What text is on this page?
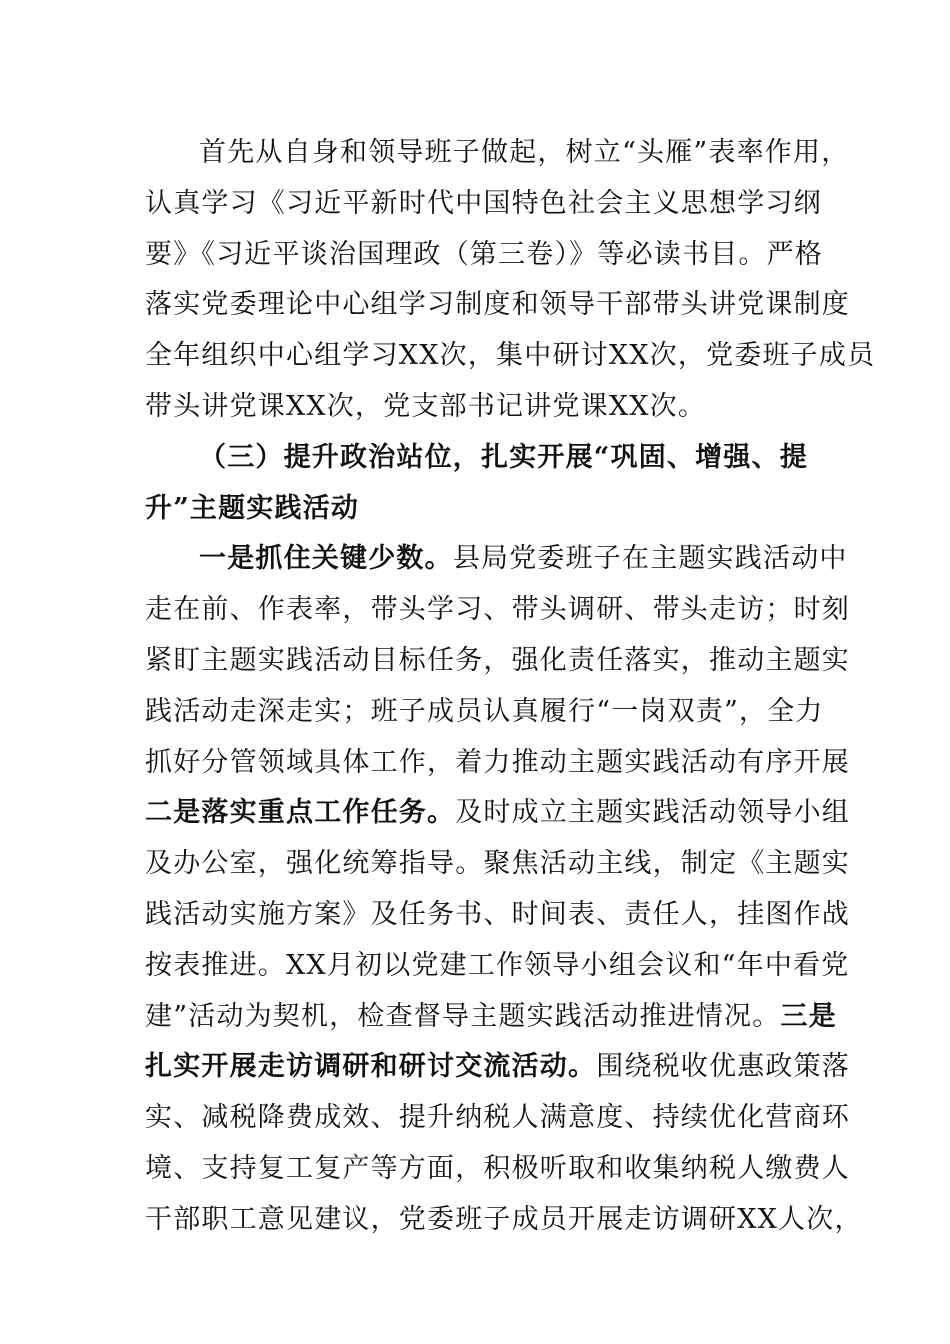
首先从自身和领导班子做起，树立“头雁”表率作用，
认真学习《习近平新时代中国特色社会主义思想学习纲
要》《习近平谈治国理政（第三卷）》等必读书目。严格
落实党委理论中心组学习制度和领导干部带头讲党课制度
全年组织中心组学习XX次，集中研讨XX次，党委班子成员
带头讲党课XX次，党支部书记讲党课XX次。
（三）提升政治站位，扎实开展“巩固、增强、提
升”主题实践活动
一是抓住关键少数。县局党委班子在主题实践活动中
走在前、作表率，带头学习、带头调研、带头走访；时刻
紧盯主题实践活动目标任务，强化责任落实，推动主题实
践活动走深走实；班子成员认真履行“一岗双责”，全力
抓好分管领域具体工作，着力推动主题实践活动有序开展
二是落实重点工作任务。及时成立主题实践活动领导小组
及办公室，强化统筹指导。聚焦活动主线，制定《主题实
践活动实施方案》及任务书、时间表、责任人，挂图作战
按表推进。XX月初以党建工作领导小组会议和“年中看党
建”活动为契机，检查督导主题实践活动推进情况。三是
扎实开展走访调研和研讨交流活动。围绕税收优惠政策落
实、减税降费成效、提升纳税人满意度、持续优化营商环
境、支持复工复产等方面，积极听取和收集纳税人缴费人
干部职工意见建议，党委班子成员开展走访调研XX人次，
